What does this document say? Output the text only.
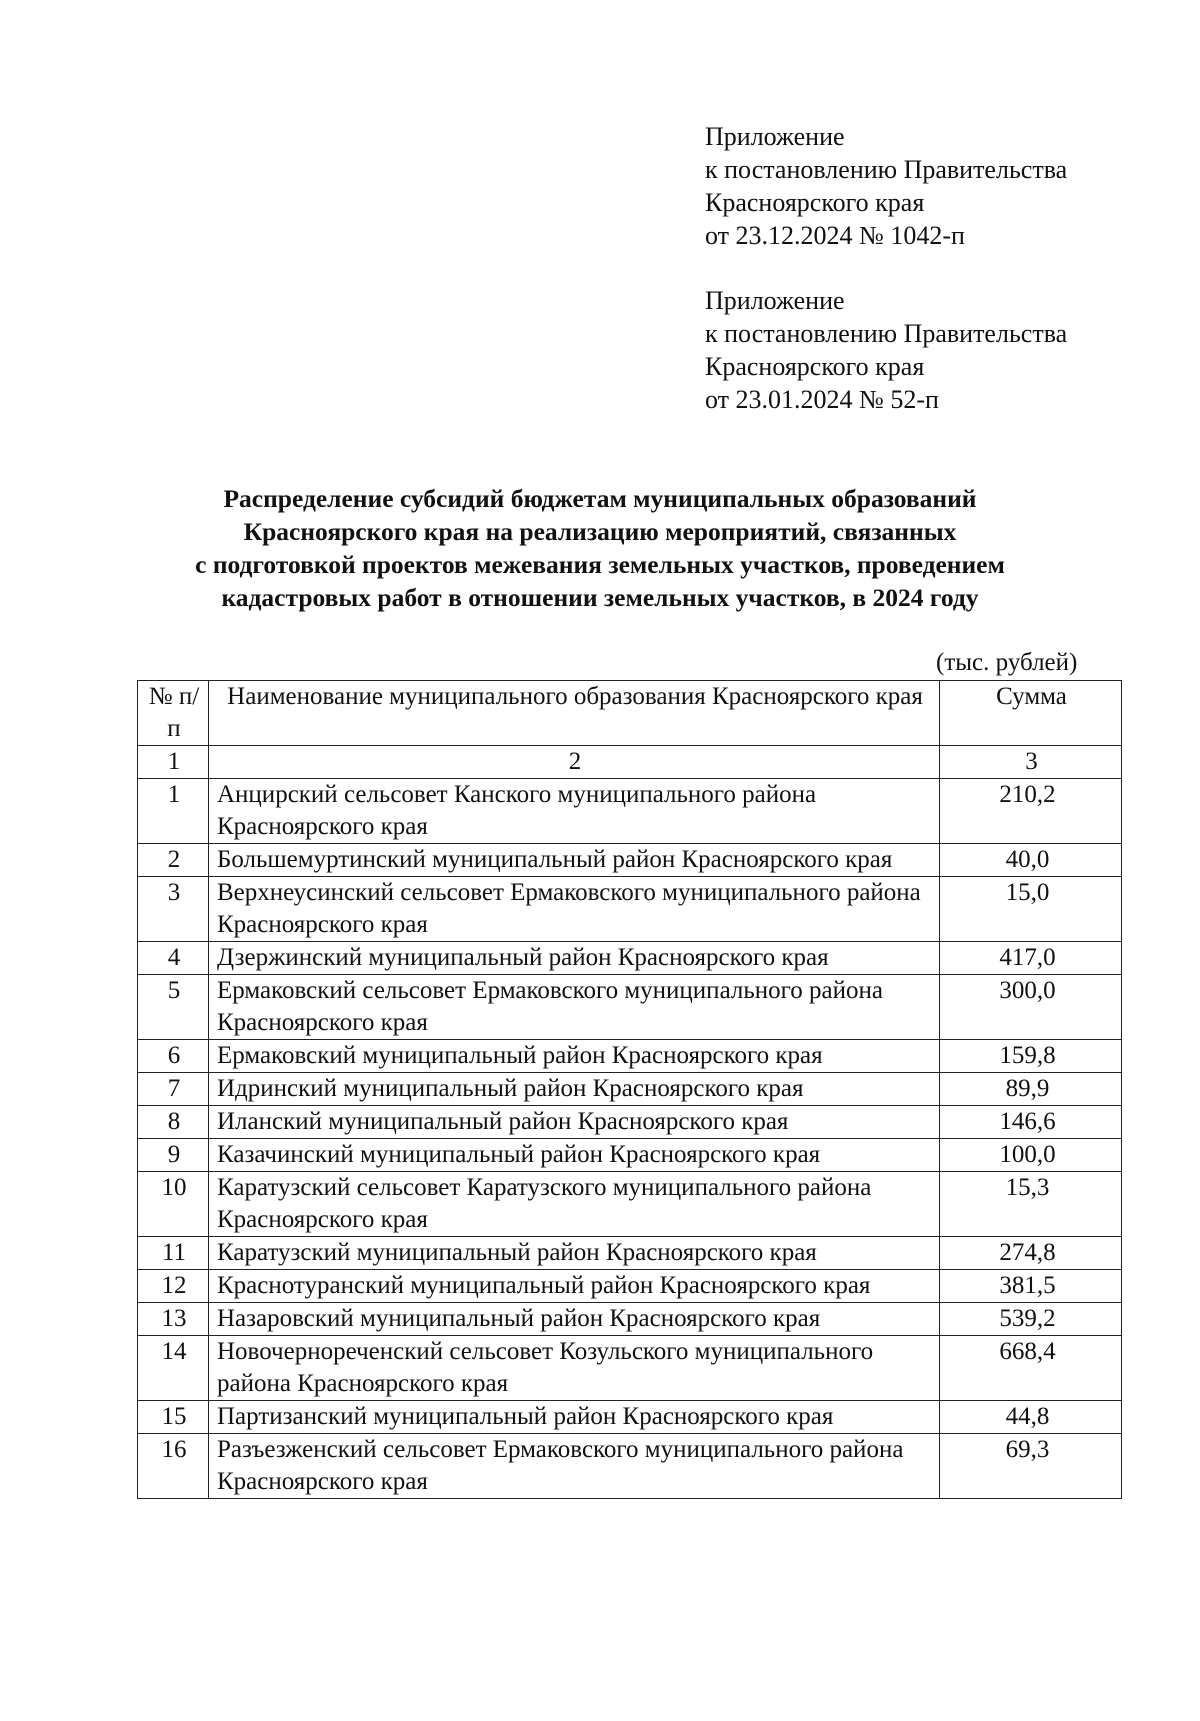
Приложение
к постановлению Правительства
Красноярского края
от 23.12.2024 № 1042-п
Приложение
к постановлению Правительства
Красноярского края
от 23.01.2024 № 52-п
Распределение субсидий бюджетам муниципальных образований
Красноярского края на реализацию мероприятий, связанных
с подготовкой проектов межевания земельных участков, проведением
кадастровых работ в отношении земельных участков, в 2024 году
(тыс. рублей)
№ п/п	Наименование муниципального образования Красноярского края	Сумма
1	2	3
1	Анцирский сельсовет Канского муниципального района Красноярского края	210,2
2	Большемуртинский муниципальный район Красноярского края	40,0
3	Верхнеусинский сельсовет Ермаковского муниципального района Красноярского края	15,0
4	Дзержинский муниципальный район Красноярского края	417,0
5	Ермаковский сельсовет Ермаковского муниципального района Красноярского края	300,0
6	Ермаковский муниципальный район Красноярского края	159,8
7	Идринский муниципальный район Красноярского края	89,9
8	Иланский муниципальный район Красноярского края	146,6
9	Казачинский муниципальный район Красноярского края	100,0
10	Каратузский сельсовет Каратузского муниципального района Красноярского края	15,3
11	Каратузский муниципальный район Красноярского края	274,8
12	Краснотуранский муниципальный район Красноярского края	381,5
13	Назаровский муниципальный район Красноярского края	539,2
14	Новочернореченский сельсовет Козульского муниципального района Красноярского края	668,4
15	Партизанский муниципальный район Красноярского края	44,8
16	Разъезженский сельсовет Ермаковского муниципального района Красноярского края	69,3
